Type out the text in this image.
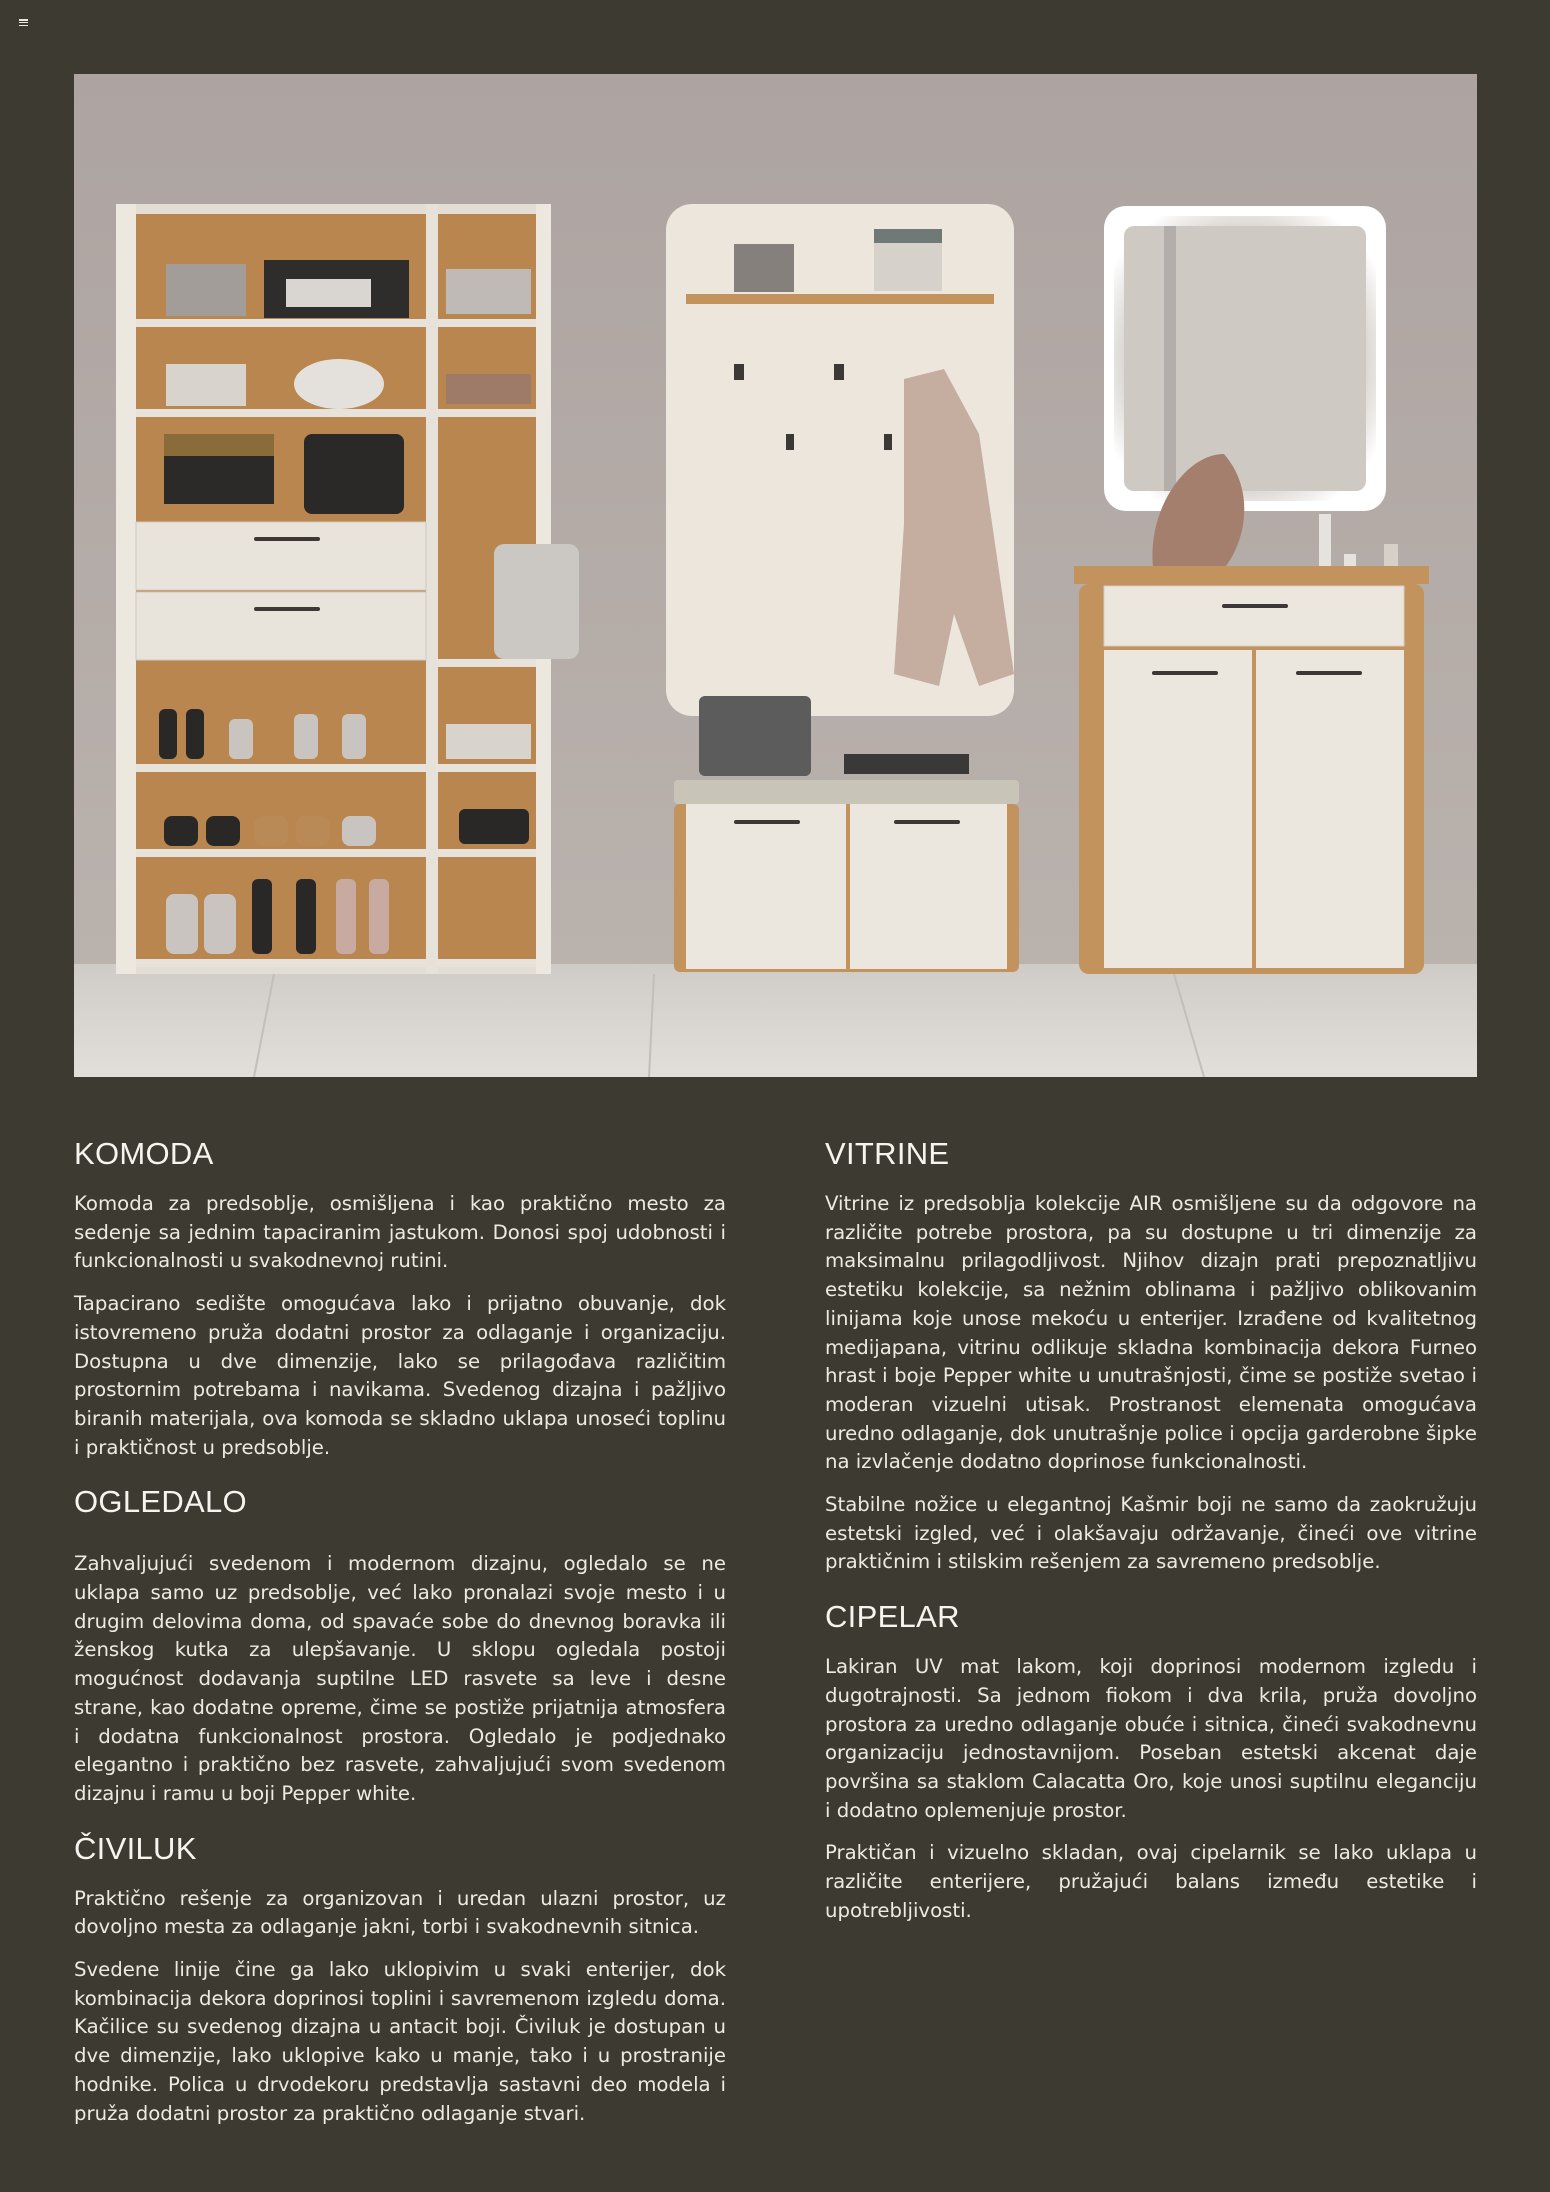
KOMODA

Komoda za predsoblje, osmišljena i kao praktično mesto za sedenje sa jednim tapaciranim jastukom. Donosi spoj udobnosti i funkcionalnosti u svakodnevnoj rutini.

Tapacirano sedište omogućava lako i prijatno obuvanje, dok istovremeno pruža dodatni prostor za odlaganje i organizaciju. Dostupna u dve dimenzije, lako se prilagođava različitim prostornim potrebama i navikama. Svedenog dizajna i pažljivo biranih materijala, ova komoda se skladno uklapa unoseći toplinu i praktičnost u predsoblje.

OGLEDALO

Zahvaljujući svedenom i modernom dizajnu, ogledalo se ne uklapa samo uz predsoblje, već lako pronalazi svoje mesto i u drugim delovima doma, od spavaće sobe do dnevnog boravka ili ženskog kutka za ulepšavanje. U sklopu ogledala postoji mogućnost dodavanja suptilne LED rasvete sa leve i desne strane, kao dodatne opreme, čime se postiže prijatnija atmosfera i dodatna funkcionalnost prostora. Ogledalo je podjednako elegantno i praktično bez rasvete, zahvaljujući svom svedenom dizajnu i ramu u boji Pepper white.

ČIVILUK

Praktično rešenje za organizovan i uredan ulazni prostor, uz dovoljno mesta za odlaganje jakni, torbi i svakodnevnih sitnica.

Svedene linije čine ga lako uklopivim u svaki enterijer, dok kombinacija dekora doprinosi toplini i savremenom izgledu doma. Kačilice su svedenog dizajna u antacit boji. Čiviluk je dostupan u dve dimenzije, lako uklopive kako u manje, tako i u prostranije hodnike. Polica u drvodekoru predstavlja sastavni deo modela i pruža dodatni prostor za praktično odlaganje stvari.

VITRINE

Vitrine iz predsoblja kolekcije AIR osmišljene su da odgovore na različite potrebe prostora, pa su dostupne u tri dimenzije za maksimalnu prilagodljivost. Njihov dizajn prati prepoznatljivu estetiku kolekcije, sa nežnim oblinama i pažljivo oblikovanim linijama koje unose mekoću u enterijer. Izrađene od kvalitetnog medijapana, vitrinu odlikuje skladna kombinacija dekora Furneo hrast i boje Pepper white u unutrašnjosti, čime se postiže svetao i moderan vizuelni utisak. Prostranost elemenata omogućava uredno odlaganje, dok unutrašnje police i opcija garderobne šipke na izvlačenje dodatno doprinose funkcionalnosti.

Stabilne nožice u elegantnoj Kašmir boji ne samo da zaokružuju estetski izgled, već i olakšavaju održavanje, čineći ove vitrine praktičnim i stilskim rešenjem za savremeno predsoblje.

CIPELAR

Lakiran UV mat lakom, koji doprinosi modernom izgledu i dugotrajnosti. Sa jednom fiokom i dva krila, pruža dovoljno prostora za uredno odlaganje obuće i sitnica, čineći svakodnevnu organizaciju jednostavnijom. Poseban estetski akcenat daje površina sa staklom Calacatta Oro, koje unosi suptilnu eleganciju i dodatno oplemenjuje prostor.

Praktičan i vizuelno skladan, ovaj cipelarnik se lako uklapa u različite enterijere, pružajući balans između estetike i upotrebljivosti.
